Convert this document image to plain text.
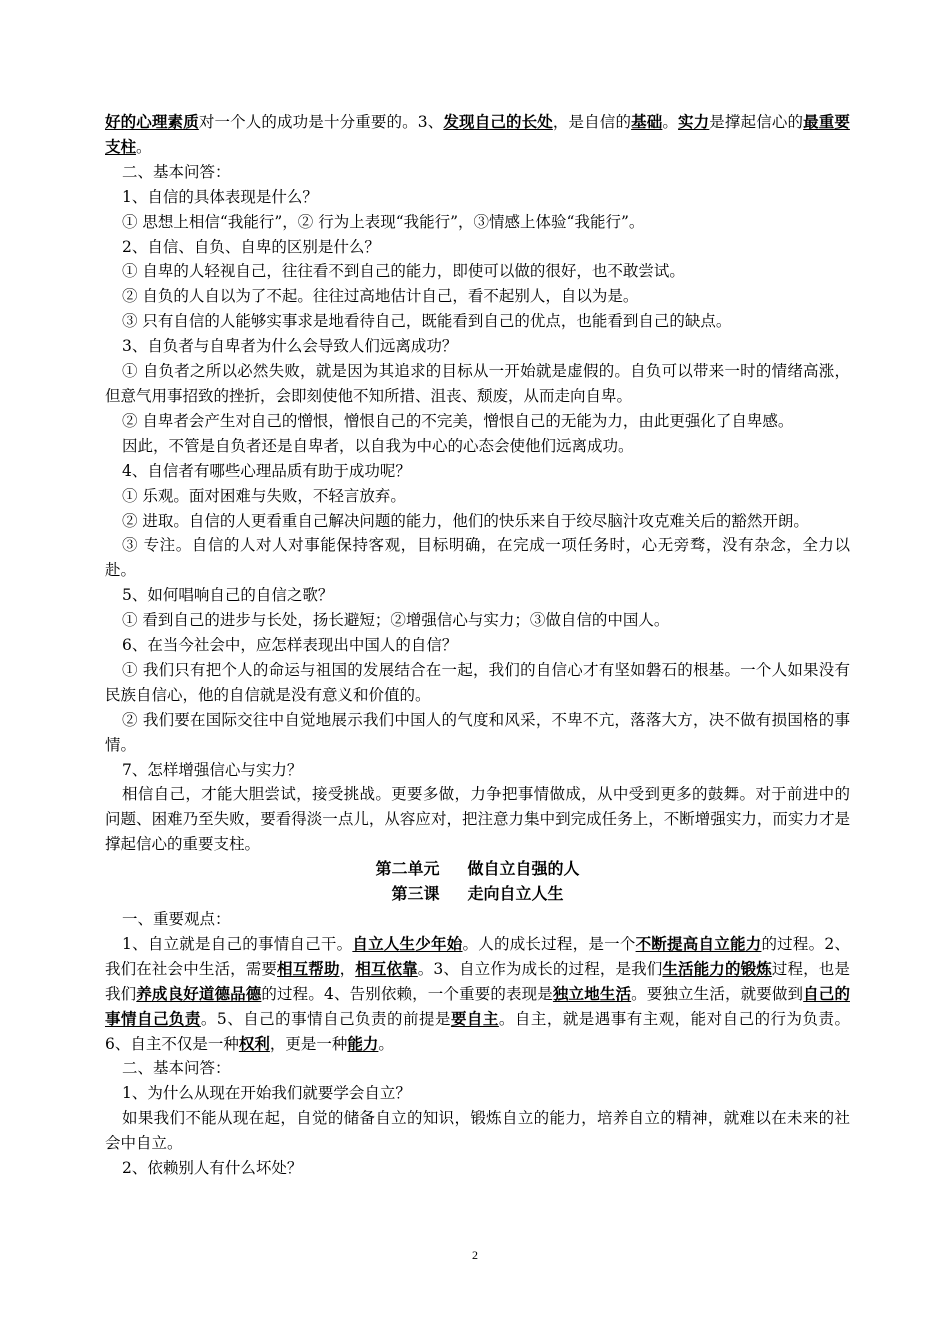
好的心理素质对一个人的成功是十分重要的。3、发现自己的长处，是自信的基础。实力是撑起信心的最重要支柱。

二、基本问答：

1、自信的具体表现是什么？

① 思想上相信“我能行”，② 行为上表现“我能行”，③情感上体验“我能行”。

2、自信、自负、自卑的区别是什么？

① 自卑的人轻视自己，往往看不到自己的能力，即使可以做的很好，也不敢尝试。

② 自负的人自以为了不起。往往过高地估计自己，看不起别人，自以为是。

③ 只有自信的人能够实事求是地看待自己，既能看到自己的优点，也能看到自己的缺点。

3、自负者与自卑者为什么会导致人们远离成功？

① 自负者之所以必然失败，就是因为其追求的目标从一开始就是虚假的。自负可以带来一时的情绪高涨，但意气用事招致的挫折，会即刻使他不知所措、沮丧、颓废，从而走向自卑。

② 自卑者会产生对自己的憎恨，憎恨自己的不完美，憎恨自己的无能为力，由此更强化了自卑感。

因此，不管是自负者还是自卑者，以自我为中心的心态会使他们远离成功。

4、自信者有哪些心理品质有助于成功呢？

① 乐观。面对困难与失败，不轻言放弃。

② 进取。自信的人更看重自己解决问题的能力，他们的快乐来自于绞尽脑汁攻克难关后的豁然开朗。

③ 专注。自信的人对人对事能保持客观，目标明确，在完成一项任务时，心无旁骛，没有杂念，全力以赴。

5、如何唱响自己的自信之歌？

① 看到自己的进步与长处，扬长避短；②增强信心与实力；③做自信的中国人。

6、在当今社会中，应怎样表现出中国人的自信？

① 我们只有把个人的命运与祖国的发展结合在一起，我们的自信心才有坚如磐石的根基。一个人如果没有民族自信心，他的自信就是没有意义和价值的。

② 我们要在国际交往中自觉地展示我们中国人的气度和风采，不卑不亢，落落大方，决不做有损国格的事情。

7、怎样增强信心与实力？

相信自己，才能大胆尝试，接受挑战。更要多做，力争把事情做成，从中受到更多的鼓舞。对于前进中的问题、困难乃至失败，要看得淡一点儿，从容应对，把注意力集中到完成任务上，不断增强实力，而实力才是撑起信心的重要支柱。

第二单元 做自立自强的人

第三课 走向自立人生

一、重要观点：

1、自立就是自己的事情自己干。自立人生少年始。人的成长过程，是一个不断提高自立能力的过程。2、我们在社会中生活，需要相互帮助，相互依靠。3、自立作为成长的过程，是我们生活能力的锻炼过程，也是我们养成良好道德品德的过程。4、告别依赖，一个重要的表现是独立地生活。要独立生活，就要做到自己的事情自己负责。5、自己的事情自己负责的前提是要自主。自主，就是遇事有主观，能对自己的行为负责。6、自主不仅是一种权利，更是一种能力。

二、基本问答：

1、为什么从现在开始我们就要学会自立？

如果我们不能从现在起，自觉的储备自立的知识，锻炼自立的能力，培养自立的精神，就难以在未来的社会中自立。

2、依赖别人有什么坏处？

2
